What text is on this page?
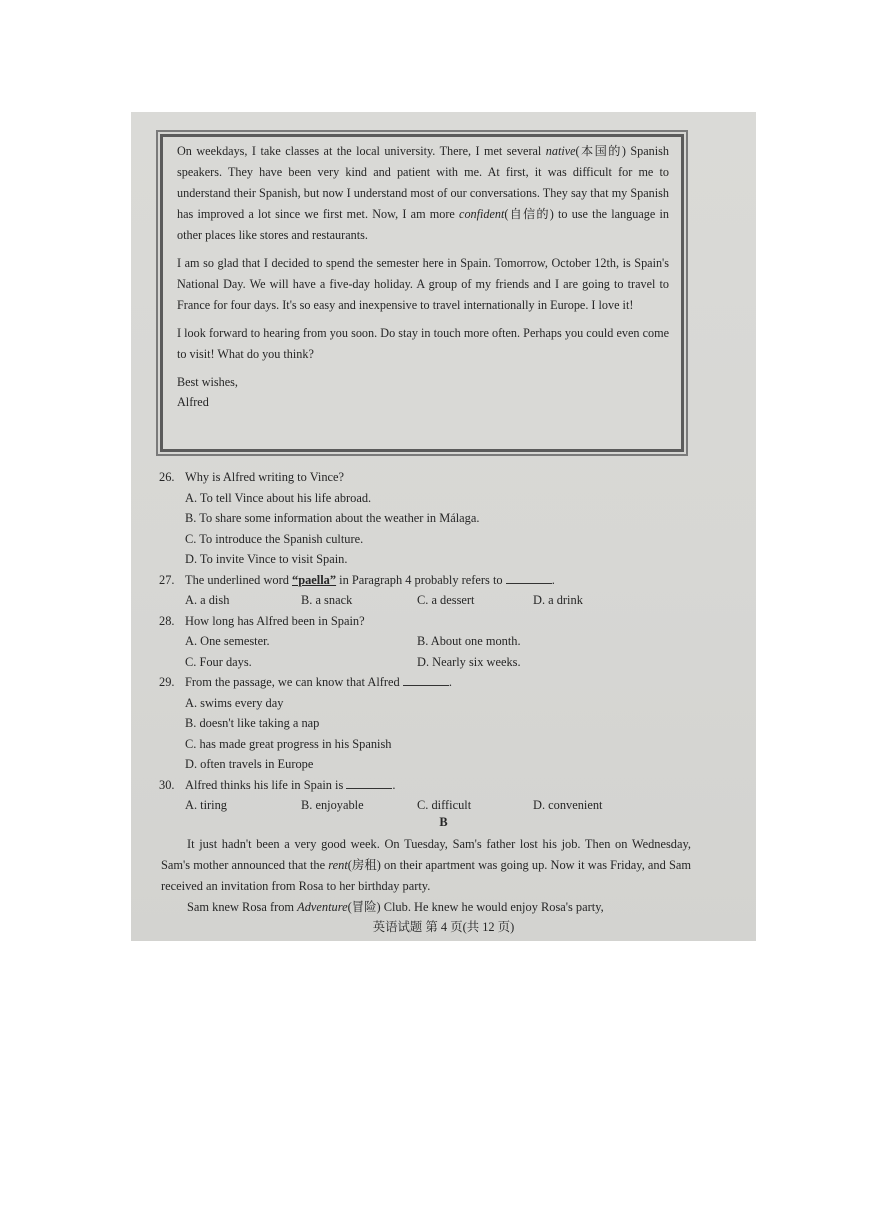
On weekdays, I take classes at the local university. There, I met several native(本国的) Spanish speakers. They have been very kind and patient with me. At first, it was difficult for me to understand their Spanish, but now I understand most of our conversations. They say that my Spanish has improved a lot since we first met. Now, I am more confident(自信的) to use the language in other places like stores and restaurants.

I am so glad that I decided to spend the semester here in Spain. Tomorrow, October 12th, is Spain's National Day. We will have a five-day holiday. A group of my friends and I are going to travel to France for four days. It's so easy and inexpensive to travel internationally in Europe. I love it!

I look forward to hearing from you soon. Do stay in touch more often. Perhaps you could even come to visit! What do you think?

Best wishes,
Alfred
26. Why is Alfred writing to Vince?
A. To tell Vince about his life abroad.
B. To share some information about the weather in Málaga.
C. To introduce the Spanish culture.
D. To invite Vince to visit Spain.
27. The underlined word “paella” in Paragraph 4 probably refers to	.
A. a dish	B. a snack	C. a dessert	D. a drink
28. How long has Alfred been in Spain?
A. One semester.	B. About one month.
C. Four days.	D. Nearly six weeks.
29. From the passage, we can know that Alfred	.
A. swims every day
B. doesn't like taking a nap
C. has made great progress in his Spanish
D. often travels in Europe
30. Alfred thinks his life in Spain is	.
A. tiring	B. enjoyable	C. difficult	D. convenient
B

It just hadn't been a very good week. On Tuesday, Sam's father lost his job. Then on Wednesday, Sam's mother announced that the rent(房租) on their apartment was going up. Now it was Friday, and Sam received an invitation from Rosa to her birthday party.

Sam knew Rosa from Adventure(冒险) Club. He knew he would enjoy Rosa's party,

英语试题 第 4 页(共 12 页)
